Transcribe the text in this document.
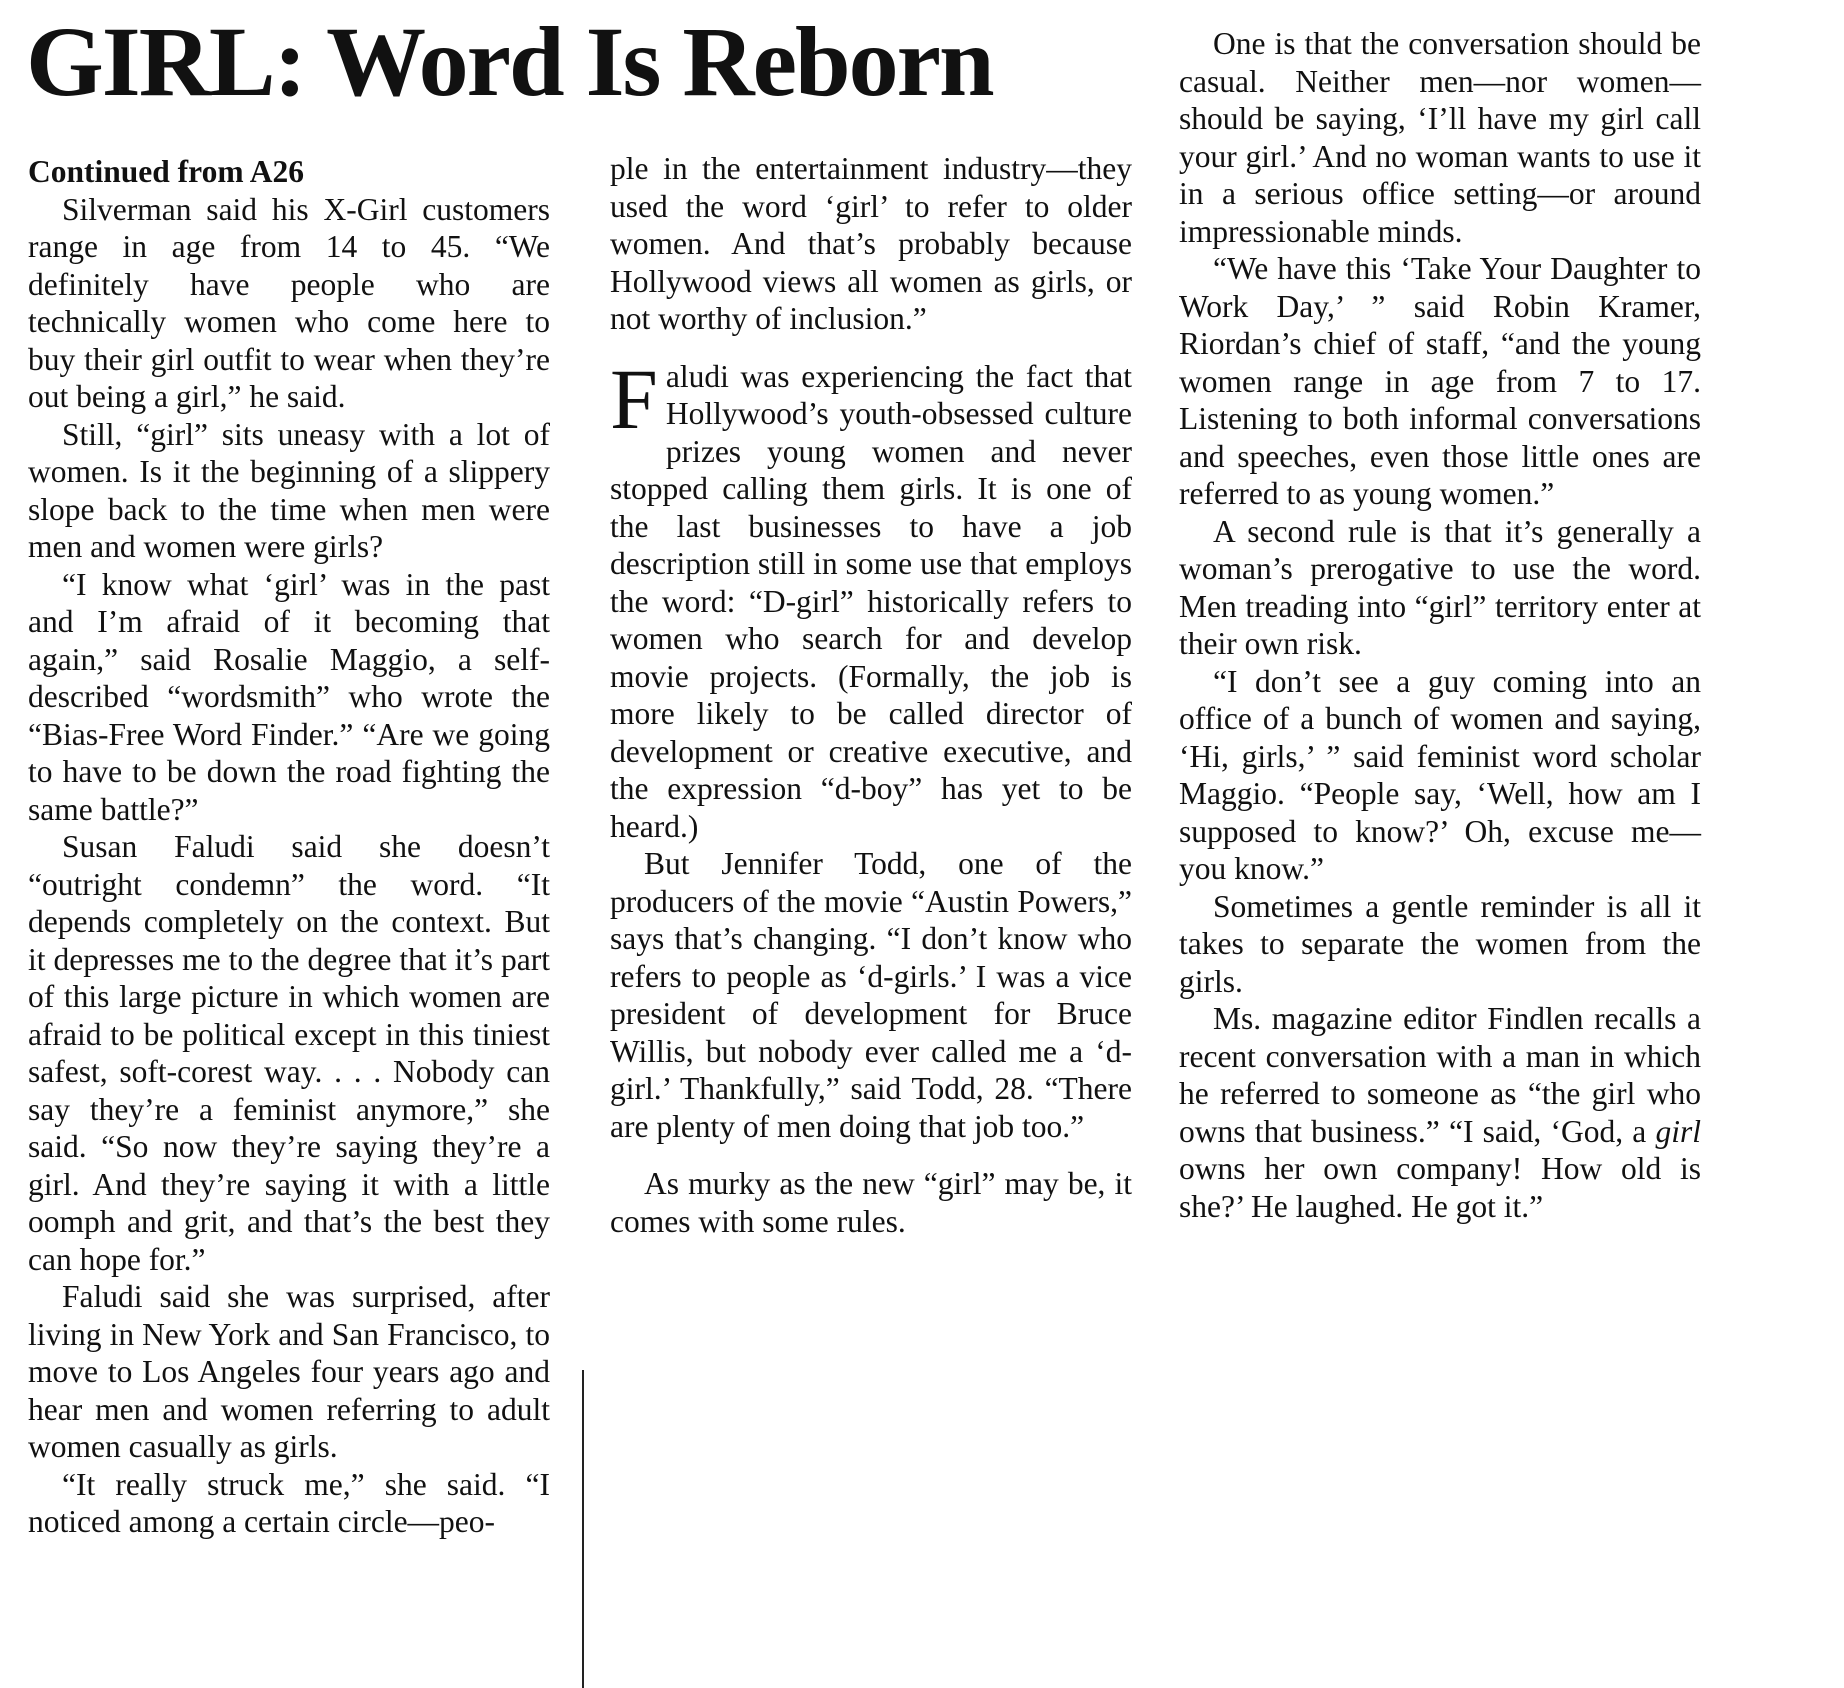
GIRL: Word Is Reborn
Continued from A26

Silverman said his X-Girl customers range in age from 14 to 45. “We definitely have people who are technically women who come here to buy their girl outfit to wear when they’re out being a girl,” he said.

Still, “girl” sits uneasy with a lot of women. Is it the beginning of a slippery slope back to the time when men were men and women were girls?

“I know what ‘girl’ was in the past and I’m afraid of it becoming that again,” said Rosalie Maggio, a self-described “wordsmith” who wrote the “Bias-Free Word Finder.” “Are we going to have to be down the road fighting the same battle?”

Susan Faludi said she doesn’t “outright condemn” the word. “It depends completely on the context. But it depresses me to the degree that it’s part of this large picture in which women are afraid to be political except in this tiniest safest, soft-corest way. . . . Nobody can say they’re a feminist anymore,” she said. “So now they’re saying they’re a girl. And they’re saying it with a little oomph and grit, and that’s the best they can hope for.”

Faludi said she was surprised, after living in New York and San Francisco, to move to Los Angeles four years ago and hear men and women referring to adult women casually as girls.

“It really struck me,” she said. “I noticed among a certain circle—peo-

ple in the entertainment industry—they used the word ‘girl’ to refer to older women. And that’s probably because Hollywood views all women as girls, or not worthy of inclusion.”

Faludi was experiencing the fact that Hollywood’s youth-obsessed culture prizes young women and never stopped calling them girls. It is one of the last businesses to have a job description still in some use that employs the word: “D-girl” historically refers to women who search for and develop movie projects. (Formally, the job is more likely to be called director of development or creative executive, and the expression “d-boy” has yet to be heard.)

But Jennifer Todd, one of the producers of the movie “Austin Powers,” says that’s changing. “I don’t know who refers to people as ‘d-girls.’ I was a vice president of development for Bruce Willis, but nobody ever called me a ‘d-girl.’ Thankfully,” said Todd, 28. “There are plenty of men doing that job too.”

As murky as the new “girl” may be, it comes with some rules.

One is that the conversation should be casual. Neither men—nor women—should be saying, ‘I’ll have my girl call your girl.’ And no woman wants to use it in a serious office setting—or around impressionable minds.

“We have this ‘Take Your Daughter to Work Day,’ ” said Robin Kramer, Riordan’s chief of staff, “and the young women range in age from 7 to 17. Listening to both informal conversations and speeches, even those little ones are referred to as young women.”

A second rule is that it’s generally a woman’s prerogative to use the word. Men treading into “girl” territory enter at their own risk.

“I don’t see a guy coming into an office of a bunch of women and saying, ‘Hi, girls,’ ” said feminist word scholar Maggio. “People say, ‘Well, how am I supposed to know?’ Oh, excuse me—you know.”

Sometimes a gentle reminder is all it takes to separate the women from the girls.

Ms. magazine editor Findlen recalls a recent conversation with a man in which he referred to someone as “the girl who owns that business.” “I said, ‘God, a girl owns her own company! How old is she?’ He laughed. He got it.”
